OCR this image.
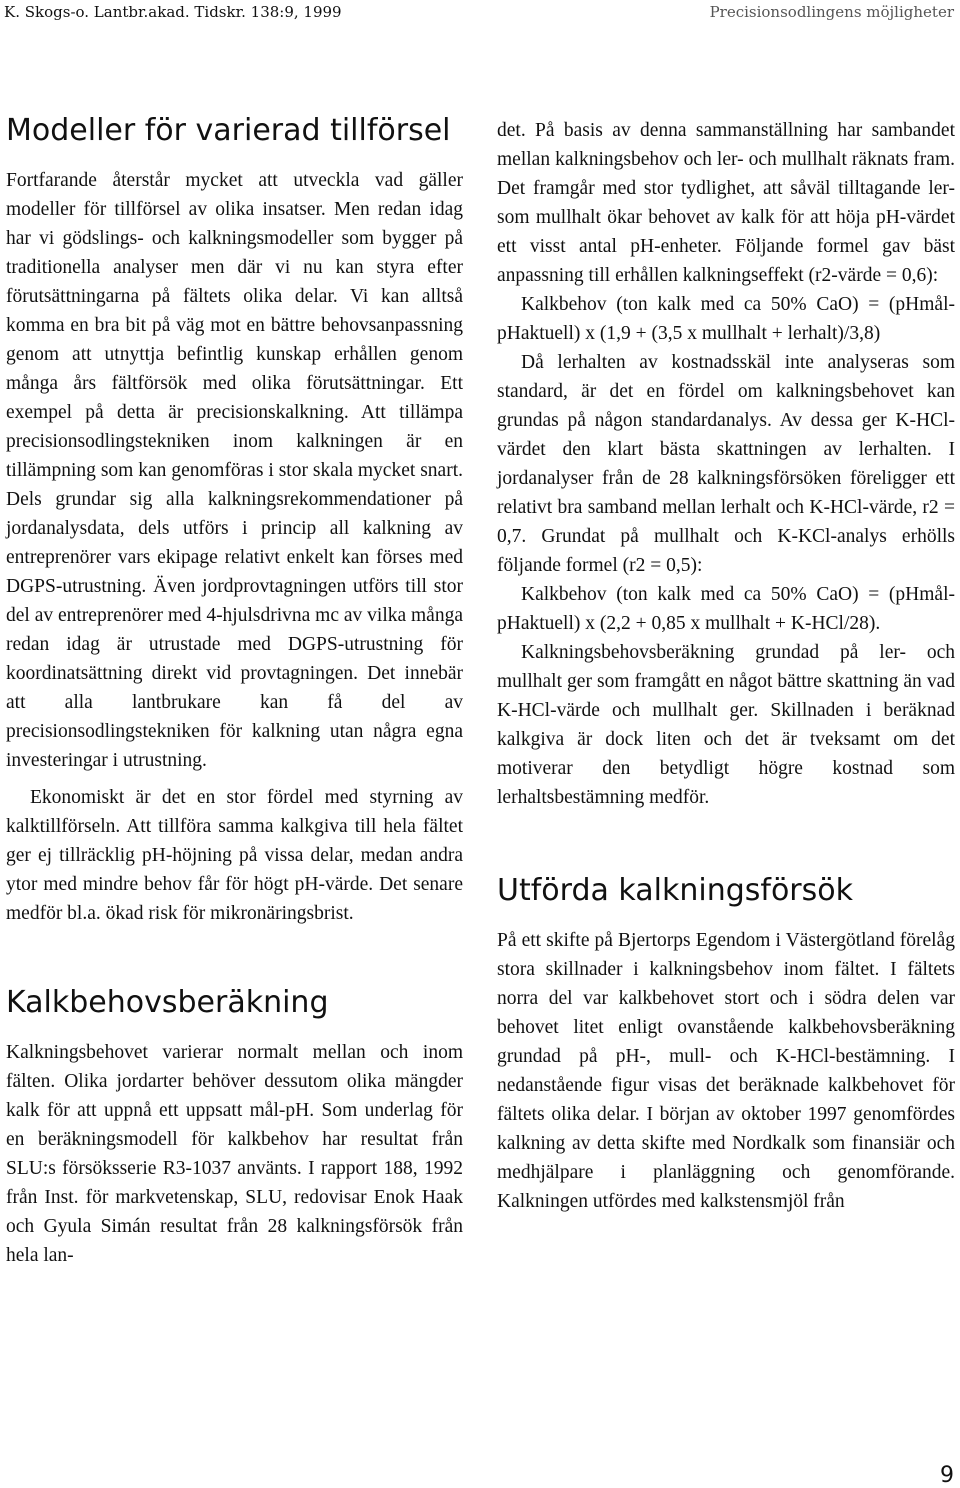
K. Skogs-o. Lantbr.akad. Tidskr. 138:9, 1999	Precisionsodlingens möjligheter
Modeller för varierad tillförsel

Fortfarande återstår mycket att utveckla vad gäller modeller för tillförsel av olika insatser. Men redan idag har vi gödslings- och kalkningsmodeller som bygger på traditionella analyser men där vi nu kan styra efter förutsättningarna på fältets olika delar. Vi kan alltså komma en bra bit på väg mot en bättre behovsanpassning genom att utnyttja befintlig kunskap erhållen genom många års fältförsök med olika förutsättningar. Ett exempel på detta är precisionskalkning. Att tillämpa precisionsodlingstekniken inom kalkningen är en tillämpning som kan genomföras i stor skala mycket snart. Dels grundar sig alla kalkningsrekommendationer på jordanalysdata, dels utförs i princip all kalkning av entreprenörer vars ekipage relativt enkelt kan förses med DGPS-utrustning. Även jordprovtagningen utförs till stor del av entreprenörer med 4-hjulsdrivna mc av vilka många redan idag är utrustade med DGPS-utrustning för koordinatsättning direkt vid provtagningen. Det innebär att alla lantbrukare kan få del av precisionsodlingstekniken för kalkning utan några egna investeringar i utrustning.

Ekonomiskt är det en stor fördel med styrning av kalktillförseln. Att tillföra samma kalkgiva till hela fältet ger ej tillräcklig pH-höjning på vissa delar, medan andra ytor med mindre behov får för högt pH-värde. Det senare medför bl.a. ökad risk för mikronäringsbrist.

Kalkbehovsberäkning

Kalkningsbehovet varierar normalt mellan och inom fälten. Olika jordarter behöver dessutom olika mängder kalk för att uppnå ett uppsatt mål-pH. Som underlag för en beräkningsmodell för kalkbehov har resultat från SLU:s försöksserie R3-1037 använts. I rapport 188, 1992 från Inst. för markvetenskap, SLU, redovisar Enok Haak och Gyula Simán resultat från 28 kalkningsförsök från hela lan-

det. På basis av denna sammanställning har sambandet mellan kalkningsbehov och ler- och mullhalt räknats fram. Det framgår med stor tydlighet, att såväl tilltagande ler- som mullhalt ökar behovet av kalk för att höja pH-värdet ett visst antal pH-enheter. Följande formel gav bäst anpassning till erhållen kalkningseffekt (r2-värde = 0,6):

Kalkbehov (ton kalk med ca 50% CaO) = (pHmål-pHaktuell) x (1,9 + (3,5 x mullhalt + lerhalt)/3,8)

Då lerhalten av kostnadsskäl inte analyseras som standard, är det en fördel om kalkningsbehovet kan grundas på någon standardanalys. Av dessa ger K-HCl-värdet den klart bästa skattningen av lerhalten. I jordanalyser från de 28 kalkningsförsöken föreligger ett relativt bra samband mellan lerhalt och K-HCl-värde, r2 = 0,7. Grundat på mullhalt och K-KCl-analys erhölls följande formel (r2 = 0,5):

Kalkbehov (ton kalk med ca 50% CaO) = (pHmål-pHaktuell) x (2,2 + 0,85 x mullhalt + K-HCl/28).

Kalkningsbehovsberäkning grundad på ler- och mullhalt ger som framgått en något bättre skattning än vad K-HCl-värde och mullhalt ger. Skillnaden i beräknad kalkgiva är dock liten och det är tveksamt om det motiverar den betydligt högre kostnad som lerhaltsbestämning medför.

Utförda kalkningsförsök

På ett skifte på Bjertorps Egendom i Västergötland förelåg stora skillnader i kalkningsbehov inom fältet. I fältets norra del var kalkbehovet stort och i södra delen var behovet litet enligt ovanstående kalkbehovsberäkning grundad på pH-, mull- och K-HCl-bestämning. I nedanstående figur visas det beräknade kalkbehovet för fältets olika delar. I början av oktober 1997 genomfördes kalkning av detta skifte med Nordkalk som finansiär och medhjälpare i planläggning och genomförande. Kalkningen utfördes med kalkstensmjöl från

9
